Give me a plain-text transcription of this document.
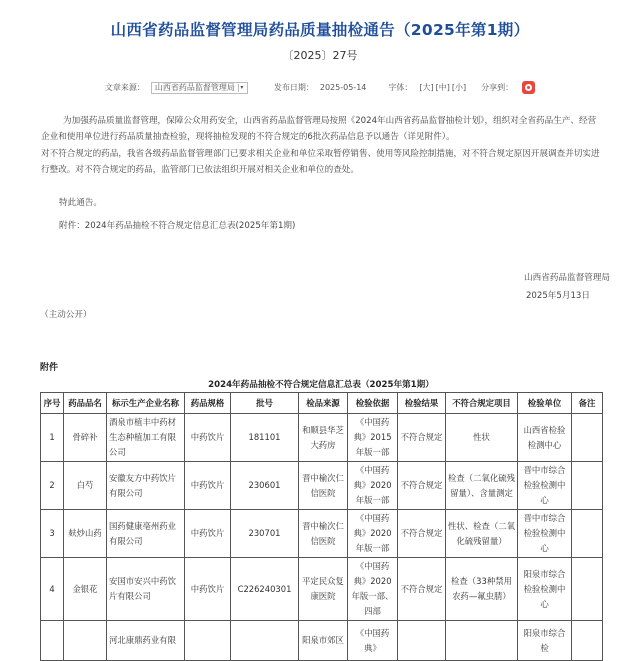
山西省药品监督管理局药品质量抽检通告（2025年第1期）
〔2025〕27号
文章来源： 山西省药品监督管理局 ▾	发布日期： 2025-05-14	字体： [大] [中] [小] 分享到：
为加强药品质量监督管理，保障公众用药安全，山西省药品监督管理局按照《2024年山西省药品监督抽检计划》，组织对全省药品生产、经营企业和使用单位进行药品质量抽查检验，现将抽检发现的不符合规定的6批次药品信息予以通告（详见附件）。
对不符合规定的药品，我省各级药品监督管理部门已要求相关企业和单位采取暂停销售、使用等风险控制措施，对不符合规定原因开展调查并切实进行整改。对不符合规定的药品，监管部门已依法组织开展对相关企业和单位的查处。
特此通告。
附件：2024年药品抽检不符合规定信息汇总表(2025年第1期)
山西省药品监督管理局
2025年5月13日
（主动公开）
附件
2024年药品抽检不符合规定信息汇总表（2025年第1期）
序号	药品品名	标示生产企业名称	药品规格	批号	检品来源	检验依据	检验结果	不符合规定项目	检验单位	备注
1	骨碎补	酒泉市植丰中药材生态种植加工有限公司	中药饮片	181101	和顺县华芝大药房	《中国药典》2015年版一部	不符合规定	性状	山西省检验检测中心	
2	白芍	安徽友方中药饮片有限公司	中药饮片	230601	晋中榆次仁信医院	《中国药典》2020年版一部	不符合规定	检查（二氧化硫残留量）、含量测定	晋中市综合检验检测中心	
3	麸炒山药	国药健康亳州药业有限公司	中药饮片	230701	晋中榆次仁信医院	《中国药典》2020年版一部	不符合规定	性状、检查（二氧化硫残留量）	晋中市综合检验检测中心	
4	金银花	安国市安兴中药饮片有限公司	中药饮片	C226240301	平定民众复康医院	《中国药典》2020年版一部、四部	不符合规定	检查（33种禁用农药—氟虫腈）	阳泉市综合检验检测中心	
		河北康鼎药业有限			阳泉市郊区	《中国药典》			阳泉市综合检	
